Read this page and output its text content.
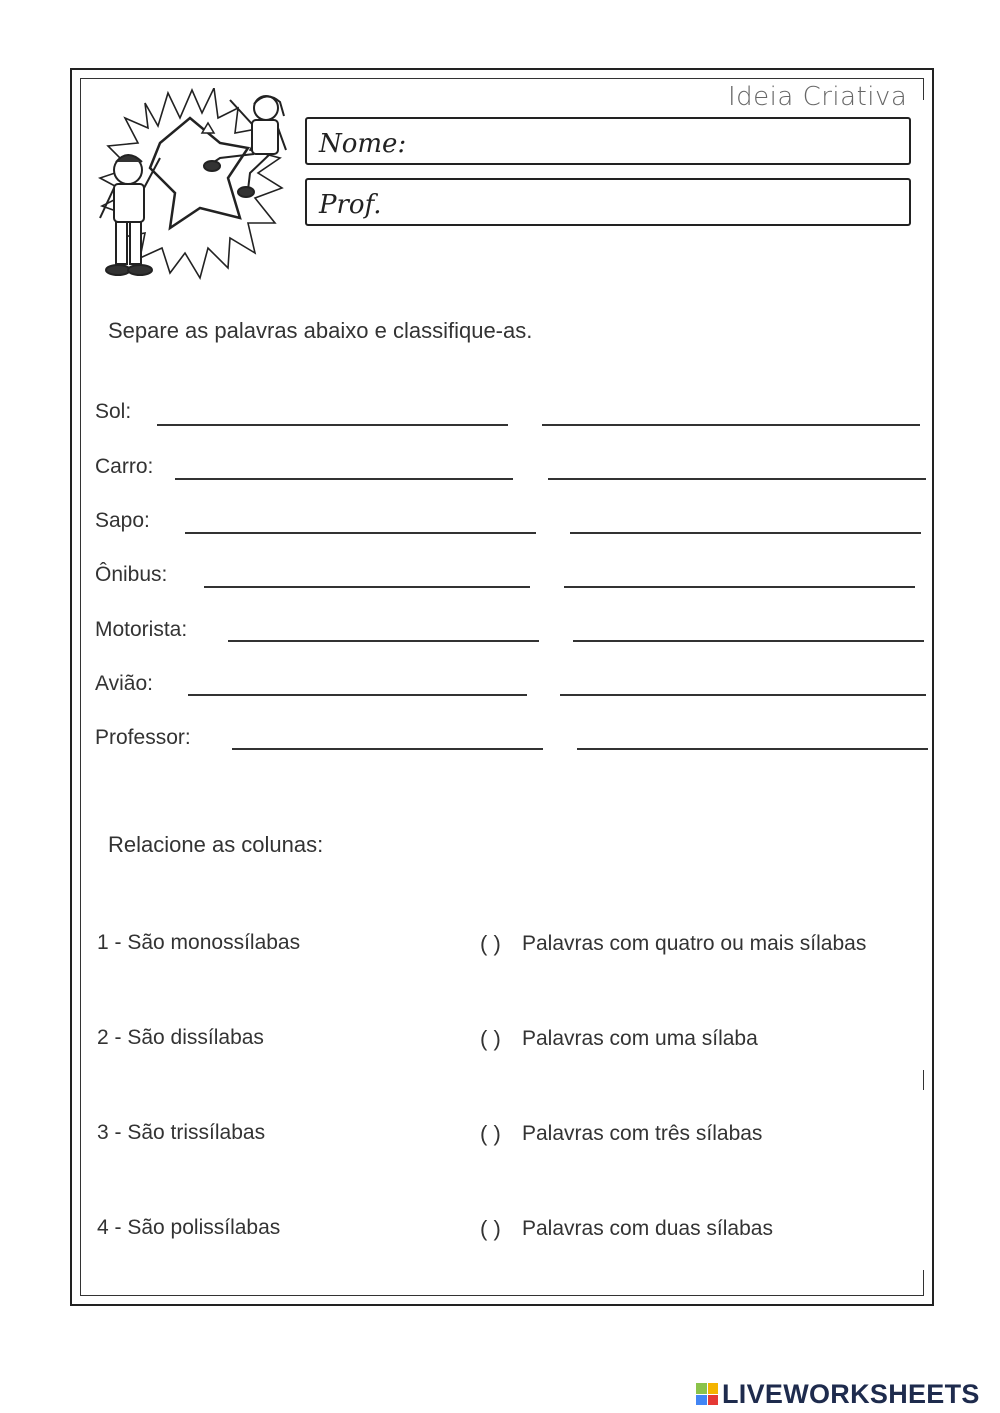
Ideia Criativa
Nome:
Prof.
Separe as palavras abaixo e classifique-as.
Sol:
Carro:
Sapo:
Ônibus:
Motorista:
Avião:
Professor:
Relacione as colunas:
1 - São monossílabas	( ) Palavras com quatro ou mais sílabas
2 - São dissílabas	( ) Palavras com uma sílaba
3 - São trissílabas	( ) Palavras com três sílabas
4 - São polissílabas	( ) Palavras com duas sílabas
LIVEWORKSHEETS
